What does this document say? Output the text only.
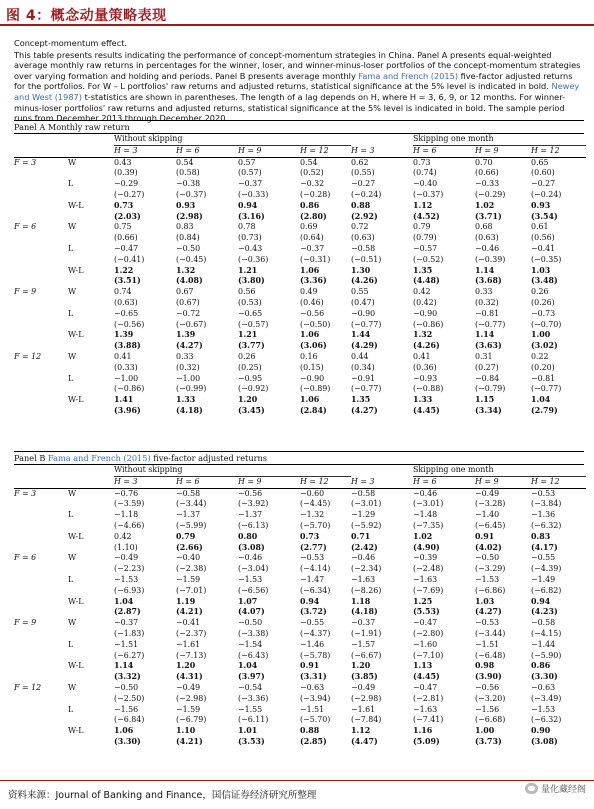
图 4：概念动量策略表现
Concept-momentum effect.
This table presents results indicating the performance of concept-momentum strategies in China. Panel A presents equal-weighted average monthly raw returns in percentages for the winner, loser, and winner-minus-loser portfolios of the concept-momentum strategies over varying formation and holding and periods. Panel B presents average monthly Fama and French (2015) five-factor adjusted returns for the portfolios. For W – L portfolios' raw returns and adjusted returns, statistical significance at the 5% level is indicated in bold. Newey and West (1987) t-statistics are shown in parentheses. The length of a lag depends on H, where H = 3, 6, 9, or 12 months. For winner-minus-loser portfolios' raw returns and adjusted returns, statistical significance at the 5% level is indicated in bold. The sample period runs from December 2013 through December 2020.
Panel A Monthly raw return
		Without skipping					Skipping one month		
		H = 3	H = 6	H = 9	H = 12	H = 3	H = 6	H = 9	H = 12
F = 3	W	0.43	0.54	0.57	0.54	0.62	0.73	0.70	0.65
		(0.39)	(0.58)	(0.57)	(0.52)	(0.55)	(0.74)	(0.66)	(0.60)
	L	−0.29	−0.38	−0.37	−0.32	−0.27	−0.40	−0.33	−0.27
		(−0.27)	(−0.37)	(−0.33)	(−0.28)	(−0.24)	(−0.37)	(−0.29)	(−0.24)
	W-L	0.73	0.93	0.94	0.86	0.88	1.12	1.02	0.93
		(2.03)	(2.98)	(3.16)	(2.80)	(2.92)	(4.52)	(3.71)	(3.54)
F = 6	W	0.75	0.83	0.78	0.69	0.72	0.79	0.68	0.61
		(0.66)	(0.84)	(0.73)	(0.64)	(0.63)	(0.79)	(0.63)	(0.56)
	L	−0.47	−0.50	−0.43	−0.37	−0.58	−0.57	−0.46	−0.41
		(−0.41)	(−0.45)	(−0.36)	(−0.31)	(−0.51)	(−0.52)	(−0.39)	(−0.35)
	W-L	1.22	1.32	1.21	1.06	1.30	1.35	1.14	1.03
		(3.51)	(4.08)	(3.80)	(3.36)	(4.26)	(4.48)	(3.68)	(3.48)
F = 9	W	0.74	0.67	0.56	0.49	0.55	0.42	0.33	0.26
		(0.63)	(0.67)	(0.53)	(0.46)	(0.47)	(0.42)	(0.32)	(0.26)
	L	−0.65	−0.72	−0.65	−0.56	−0.90	−0.90	−0.81	−0.73
		(−0.56)	(−0.67)	(−0.57)	(−0.50)	(−0.77)	(−0.86)	(−0.77)	(−0.70)
	W-L	1.39	1.39	1.21	1.06	1.44	1.32	1.14	1.00
		(3.88)	(4.27)	(3.77)	(3.06)	(4.29)	(4.26)	(3.63)	(3.02)
F = 12	W	0.41	0.33	0.26	0.16	0.44	0.41	0.31	0.22
		(0.33)	(0.32)	(0.25)	(0.15)	(0.34)	(0.36)	(0.27)	(0.20)
	L	−1.00	−1.00	−0.95	−0.90	−0.91	−0.93	−0.84	−0.81
		(−0.86)	(−0.99)	(−0.92)	(−0.89)	(−0.77)	(−0.88)	(−0.79)	(−0.77)
	W-L	1.41	1.33	1.20	1.06	1.35	1.33	1.15	1.04
		(3.96)	(4.18)	(3.45)	(2.84)	(4.27)	(4.45)	(3.34)	(2.79)
Panel B Fama and French (2015) five-factor adjusted returns
		Without skipping					Skipping one month		
		H = 3	H = 6	H = 9	H = 12	H = 3	H = 6	H = 9	H = 12
F = 3	W	−0.76	−0.58	−0.56	−0.60	−0.58	−0.46	−0.49	−0.53
		(−3.59)	(−3.44)	(−3.92)	(−4.45)	(−3.01)	(−3.01)	(−3.28)	(−3.84)
	L	−1.18	−1.37	−1.37	−1.32	−1.29	−1.48	−1.40	−1.36
		(−4.66)	(−5.99)	(−6.13)	(−5.70)	(−5.92)	(−7.35)	(−6.45)	(−6.32)
	W-L	0.42	0.79	0.80	0.73	0.71	1.02	0.91	0.83
		(1.10)	(2.66)	(3.08)	(2.77)	(2.42)	(4.90)	(4.02)	(4.17)
F = 6	W	−0.49	−0.40	−0.46	−0.53	−0.46	−0.39	−0.50	−0.55
		(−2.23)	(−2.38)	(−3.04)	(−4.14)	(−2.34)	(−2.48)	(−3.29)	(−4.39)
	L	−1.53	−1.59	−1.53	−1.47	−1.63	−1.63	−1.53	−1.49
		(−6.93)	(−7.01)	(−6.56)	(−6.34)	(−8.26)	(−7.69)	(−6.86)	(−6.82)
	W-L	1.04	1.19	1.07	0.94	1.18	1.25	1.03	0.94
		(2.87)	(4.21)	(4.07)	(3.72)	(4.18)	(5.53)	(4.27)	(4.23)
F = 9	W	−0.37	−0.41	−0.50	−0.55	−0.37	−0.47	−0.53	−0.58
		(−1.83)	(−2.37)	(−3.38)	(−4.37)	(−1.91)	(−2.80)	(−3.44)	(−4.15)
	L	−1.51	−1.61	−1.54	−1.46	−1.57	−1.60	−1.51	−1.44
		(−6.27)	(−7.13)	(−6.43)	(−5.78)	(−6.67)	(−7.10)	(−6.48)	(−5.90)
	W-L	1.14	1.20	1.04	0.91	1.20	1.13	0.98	0.86
		(3.32)	(4.31)	(3.97)	(3.31)	(3.85)	(4.45)	(3.90)	(3.30)
F = 12	W	−0.50	−0.49	−0.54	−0.63	−0.49	−0.47	−0.56	−0.63
		(−2.50)	(−2.98)	(−3.36)	(−3.94)	(−2.98)	(−2.81)	(−3.20)	(−3.49)
	L	−1.56	−1.59	−1.55	−1.51	−1.61	−1.63	−1.56	−1.53
		(−6.84)	(−6.79)	(−6.11)	(−5.70)	(−7.84)	(−7.41)	(−6.68)	(−6.32)
	W-L	1.06	1.10	1.01	0.88	1.12	1.16	1.00	0.90
		(3.30)	(4.21)	(3.53)	(2.85)	(4.47)	(5.09)	(3.73)	(3.08)
资料来源：Journal of Banking and Finance，国信证券经济研究所整理	量化藏经阁
